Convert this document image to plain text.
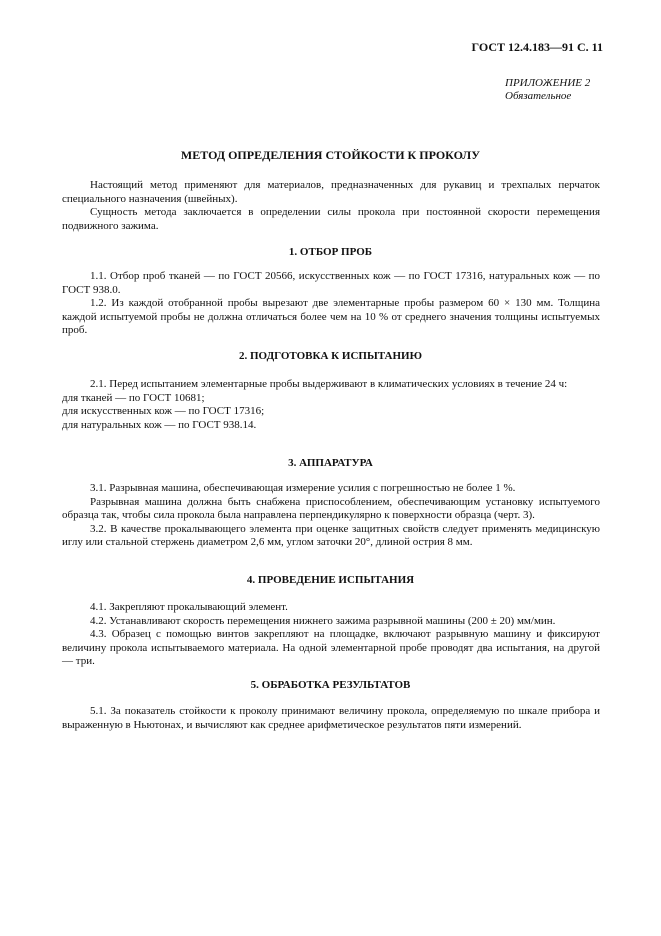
ГОСТ 12.4.183—91 С. 11
ПРИЛОЖЕНИЕ 2
Обязательное
МЕТОД ОПРЕДЕЛЕНИЯ СТОЙКОСТИ К ПРОКОЛУ

Настоящий метод применяют для материалов, предназначенных для рукавиц и трехпалых перчаток специального назначения (швейных).

Сущность метода заключается в определении силы прокола при постоянной скорости перемещения подвижного зажима.

1. ОТБОР ПРОБ

1.1. Отбор проб тканей — по ГОСТ 20566, искусственных кож — по ГОСТ 17316, натуральных кож — по ГОСТ 938.0.

1.2. Из каждой отобранной пробы вырезают две элементарные пробы размером 60 × 130 мм. Толщина каждой испытуемой пробы не должна отличаться более чем на 10 % от среднего значения толщины испытуемых проб.

2. ПОДГОТОВКА К ИСПЫТАНИЮ

2.1. Перед испытанием элементарные пробы выдерживают в климатических условиях в течение 24 ч:

для тканей — по ГОСТ 10681;

для искусственных кож — по ГОСТ 17316;

для натуральных кож — по ГОСТ 938.14.

3. АППАРАТУРА

3.1. Разрывная машина, обеспечивающая измерение усилия с погрешностью не более 1 %.

Разрывная машина должна быть снабжена приспособлением, обеспечивающим установку испытуемого образца так, чтобы сила прокола была направлена перпендикулярно к поверхности образца (черт. 3).

3.2. В качестве прокалывающего элемента при оценке защитных свойств следует применять медицинскую иглу или стальной стержень диаметром 2,6 мм, углом заточки 20°, длиной острия 8 мм.

4. ПРОВЕДЕНИЕ ИСПЫТАНИЯ

4.1. Закрепляют прокалывающий элемент.

4.2. Устанавливают скорость перемещения нижнего зажима разрывной машины (200 ± 20) мм/мин.

4.3. Образец с помощью винтов закрепляют на площадке, включают разрывную машину и фиксируют величину прокола испытываемого материала. На одной элементарной пробе проводят два испытания, на другой — три.

5. ОБРАБОТКА РЕЗУЛЬТАТОВ

5.1. За показатель стойкости к проколу принимают величину прокола, определяемую по шкале прибора и выраженную в Ньютонах, и вычисляют как среднее арифметическое результатов пяти измерений.
